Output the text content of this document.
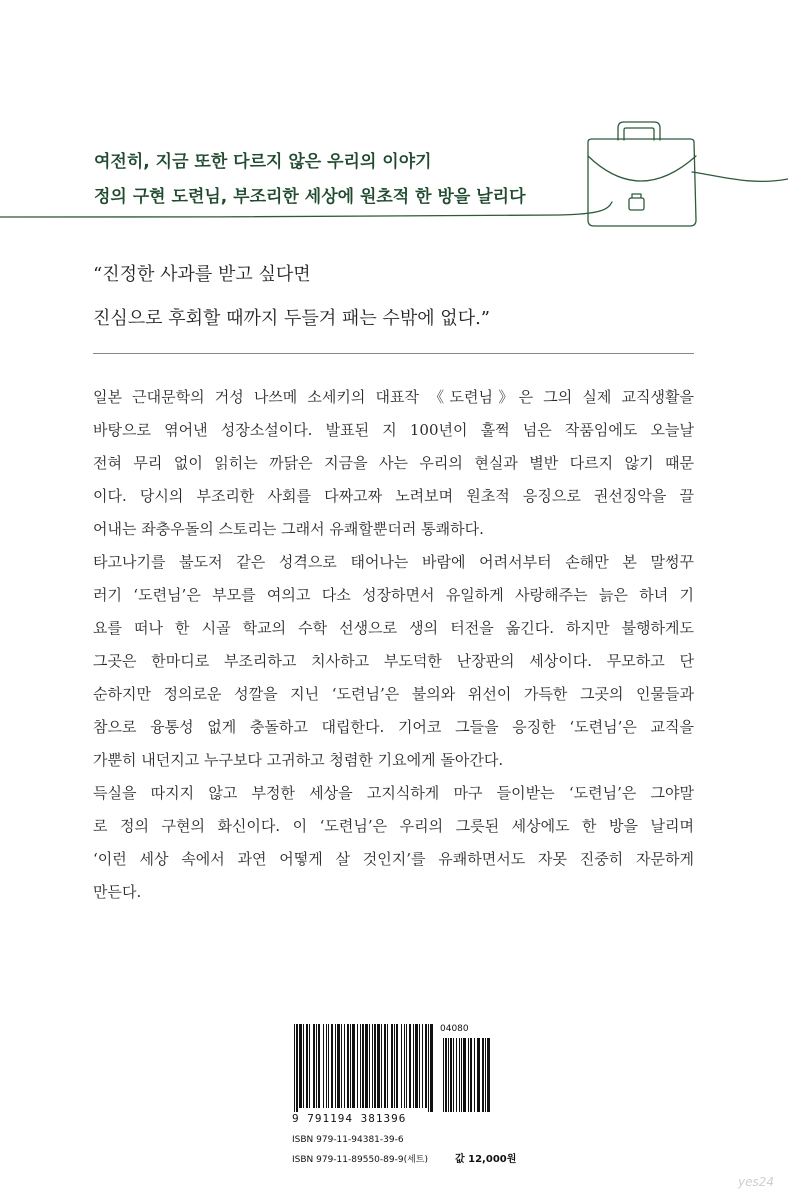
여전히, 지금 또한 다르지 않은 우리의 이야기

정의 구현 도련님, 부조리한 세상에 원초적 한 방을 날리다

“진정한 사과를 받고 싶다면

진심으로 후회할 때까지 두들겨 패는 수밖에 없다.”

일본 근대문학의 거성 나쓰메 소세키의 대표작 《도련님》은 그의 실제 교직생활을

바탕으로 엮어낸 성장소설이다. 발표된 지 100년이 훌쩍 넘은 작품임에도 오늘날

전혀 무리 없이 읽히는 까닭은 지금을 사는 우리의 현실과 별반 다르지 않기 때문

이다. 당시의 부조리한 사회를 다짜고짜 노려보며 원초적 응징으로 권선징악을 끌

어내는 좌충우돌의 스토리는 그래서 유쾌할뿐더러 통쾌하다.

타고나기를 불도저 같은 성격으로 태어나는 바람에 어려서부터 손해만 본 말썽꾸

러기 ‘도련님’은 부모를 여의고 다소 성장하면서 유일하게 사랑해주는 늙은 하녀 기

요를 떠나 한 시골 학교의 수학 선생으로 생의 터전을 옮긴다. 하지만 불행하게도

그곳은 한마디로 부조리하고 치사하고 부도덕한 난장판의 세상이다. 무모하고 단

순하지만 정의로운 성깔을 지닌 ‘도련님’은 불의와 위선이 가득한 그곳의 인물들과

참으로 융통성 없게 충돌하고 대립한다. 기어코 그들을 응징한 ‘도련님’은 교직을

가뿐히 내던지고 누구보다 고귀하고 청렴한 기요에게 돌아간다.

득실을 따지지 않고 부정한 세상을 고지식하게 마구 들이받는 ‘도련님’은 그야말

로 정의 구현의 화신이다. 이 ‘도련님’은 우리의 그릇된 세상에도 한 방을 날리며

‘이런 세상 속에서 과연 어떻게 살 것인지’를 유쾌하면서도 자못 진중히 자문하게

만든다.

04080

9 791194 381396

ISBN 979-11-94381-39-6

ISBN 979-11-89550-89-9(세트)	값 12,000원

yes24
